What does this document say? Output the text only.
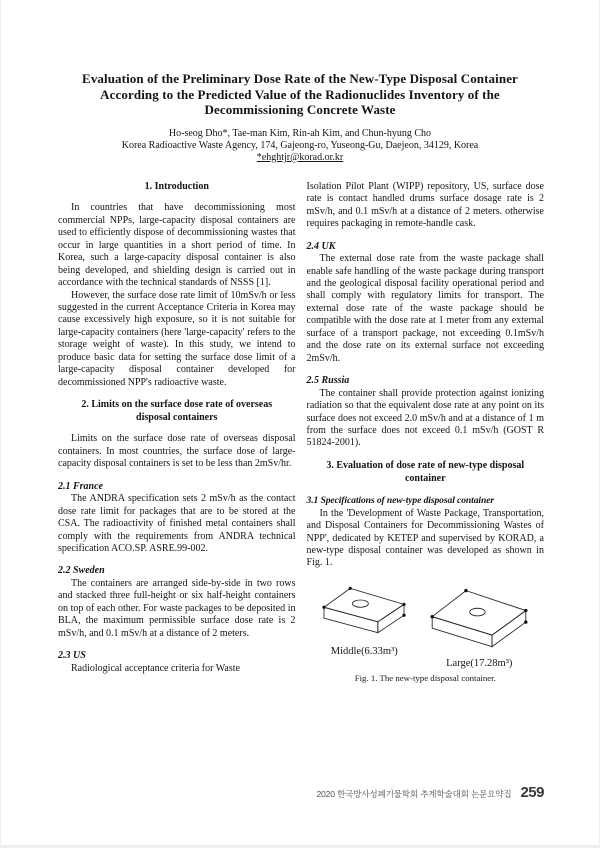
Evaluation of the Preliminary Dose Rate of the New-Type Disposal Container According to the Predicted Value of the Radionuclides Inventory of the Decommissioning Concrete Waste
Ho-seog Dho*, Tae-man Kim, Rin-ah Kim, and Chun-hyung Cho
Korea Radioactive Waste Agency, 174, Gajeong-ro, Yuseong-Gu, Daejeon, 34129, Korea
*ehghtjr@korad.or.kr
1. Introduction

In countries that have decommissioning most commercial NPPs, large-capacity disposal containers are used to efficiently dispose of decommissioning wastes that occur in large quantities in a short period of time. In Korea, such a large-capacity disposal container is also being developed, and shielding design is carried out in accordance with the technical standards of NSSS [1].

However, the surface dose rate limit of 10mSv/h or less suggested in the current Acceptance Criteria in Korea may cause excessively high exposure, so it is not suitable for large-capacity containers (here 'large-capacity' refers to the storage weight of waste). In this study, we intend to produce basic data for setting the surface dose limit of a large-capacity disposal container developed for decommissioned NPP's radioactive waste.

2. Limits on the surface dose rate of overseas disposal containers

Limits on the surface dose rate of overseas disposal containers. In most countries, the surface dose of large-capacity disposal containers is set to be less than 2mSv/hr.

2.1 France

The ANDRA specification sets 2 mSv/h as the contact dose rate limit for packages that are to be stored at the CSA. The radioactivity of finished metal containers shall comply with the requirements from ANDRA technical specification ACO.SP. ASRE.99-002.

2.2 Sweden

The containers are arranged side-by-side in two rows and stacked three full-height or six half-height containers on top of each other. For waste packages to be deposited in BLA, the maximum permissible surface dose rate is 2 mSv/h, and 0.1 mSv/h at a distance of 2 meters.

2.3 US

Radiological acceptance criteria for Waste

Isolation Pilot Plant (WIPP) repository, US, surface dose rate is contact handled drums surface dosage rate is 2 mSv/h, and 0.1 mSv/h at a distance of 2 meters. otherwise requires packaging in remote-handle cask.

2.4 UK

The external dose rate from the waste package shall enable safe handling of the waste package during transport and the geological disposal facility operational period and shall comply with regulatory limits for transport. The external dose rate of the waste package should be compatible with the dose rate at 1 meter from any external surface of a transport package, not exceeding 0.1mSv/h and the dose rate on its external surface not exceeding 2mSv/h.

2.5 Russia

The container shall provide protection against ionizing radiation so that the equivalent dose rate at any point on its surface does not exceed 2.0 mSv/h and at a distance of 1 m from the surface does not exceed 0.1 mSv/h (GOST R 51824-2001).

3. Evaluation of dose rate of new-type disposal container
3.1 Specifications of new-type disposal container

In the 'Development of Waste Package, Transportation, and Disposal Containers for Decommissioning Wastes of NPP', dedicated by KETEP and supervised by KORAD, a new-type disposal container was developed as shown in Fig. 1.

Middle(6.33m³)
Large(17.28m³)
Fig. 1. The new-type disposal container.
2020 한국방사성폐기물학회 추계학술대회 논문요약집 259
